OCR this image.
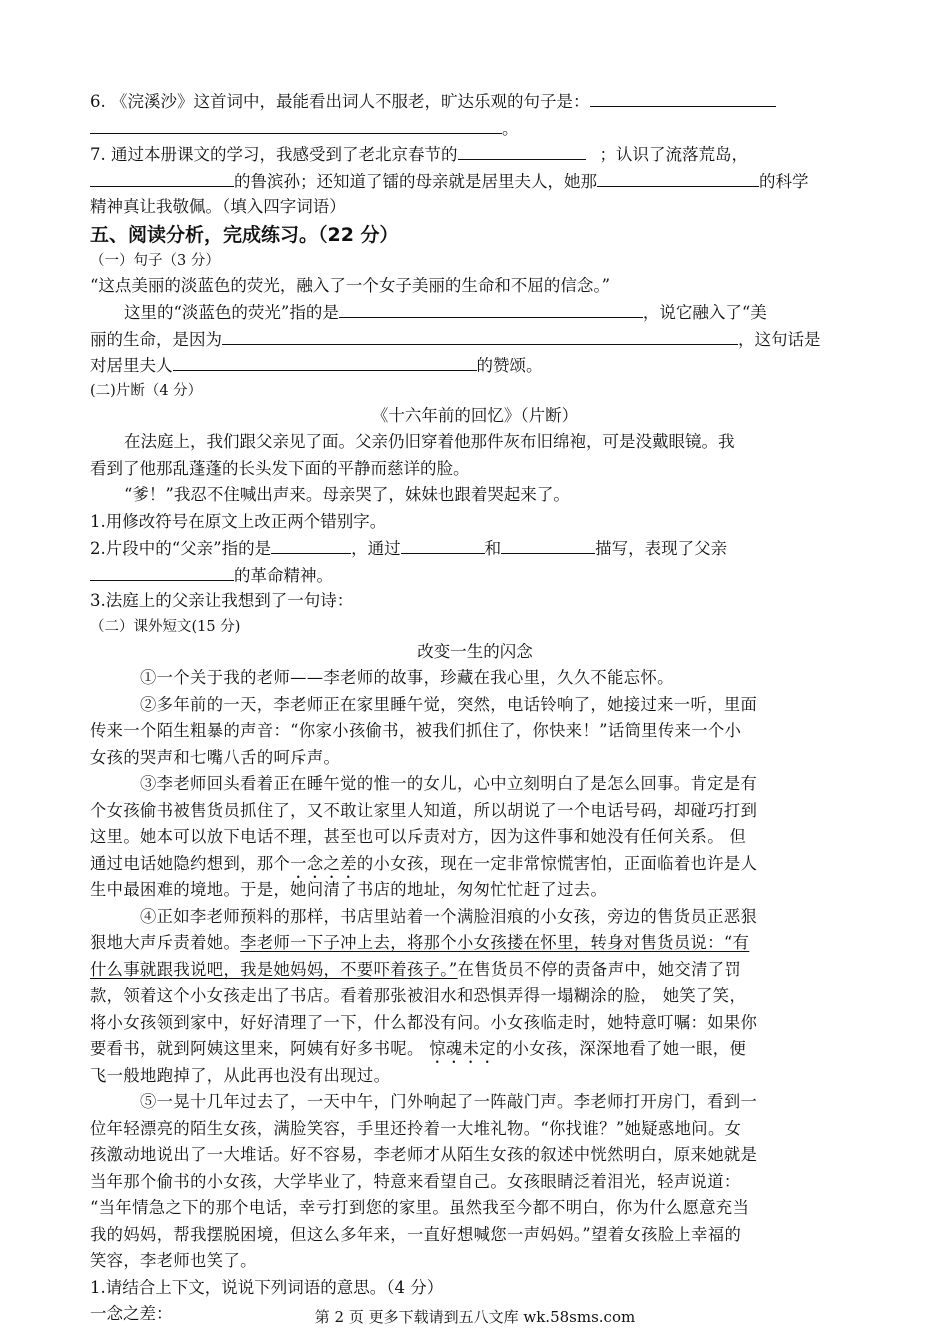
6. 《浣溪沙》这首词中，最能看出词人不服老，旷达乐观的句子是：
。
7. 通过本册课文的学习，我感受到了老北京春节的	；认识了流落荒岛，
的鲁滨孙；还知道了镭的母亲就是居里夫人，她那	的科学
精神真让我敬佩。（填入四字词语）
五、阅读分析，完成练习。（22 分）
（一）句子（3 分）
“这点美丽的淡蓝色的荧光，融入了一个女子美丽的生命和不屈的信念。”
这里的“淡蓝色的荧光”指的是	，说它融入了“美
丽的生命，是因为	，这句话是
对居里夫人	的赞颂。
(二)片断（4 分）
《十六年前的回忆》（片断）
在法庭上，我们跟父亲见了面。父亲仍旧穿着他那件灰布旧绵袍，可是没戴眼镜。我
看到了他那乱蓬蓬的长头发下面的平静而慈详的脸。
“爹！”我忍不住喊出声来。母亲哭了，妹妹也跟着哭起来了。
1.用修改符号在原文上改正两个错别字。
2.片段中的“父亲”指的是	，通过	和	描写，表现了父亲
的革命精神。
3.法庭上的父亲让我想到了一句诗：
（二）课外短文(15 分)
改变一生的闪念
①一个关于我的老师——李老师的故事，珍藏在我心里，久久不能忘怀。
②多年前的一天，李老师正在家里睡午觉，突然，电话铃响了，她接过来一听，里面
传来一个陌生粗暴的声音：“你家小孩偷书，被我们抓住了，你快来！”话筒里传来一个小
女孩的哭声和七嘴八舌的呵斥声。
③李老师回头看着正在睡午觉的惟一的女儿，心中立刻明白了是怎么回事。肯定是有
个女孩偷书被售货员抓住了，又不敢让家里人知道，所以胡说了一个电话号码，却碰巧打到
这里。她本可以放下电话不理，甚至也可以斥责对方，因为这件事和她没有任何关系。 但
通过电话她隐约想到，那个一念之差的小女孩，现在一定非常惊慌害怕，正面临着也许是人
生中最困难的境地。于是，她问清了书店的地址，匆匆忙忙赶了过去。
④正如李老师预料的那样，书店里站着一个满脸泪痕的小女孩，旁边的售货员正恶狠
狠地大声斥责着她。李老师一下子冲上去，将那个小女孩搂在怀里，转身对售货员说：“有
什么事就跟我说吧，我是她妈妈，不要吓着孩子。”在售货员不停的责备声中，她交清了罚
款，领着这个小女孩走出了书店。看着那张被泪水和恐惧弄得一塌糊涂的脸， 她笑了笑，
将小女孩领到家中，好好清理了一下，什么都没有问。小女孩临走时，她特意叮嘱：如果你
要看书，就到阿姨这里来，阿姨有好多书呢。 惊魂未定的小女孩，深深地看了她一眼，便
飞一般地跑掉了，从此再也没有出现过。
⑤一晃十几年过去了，一天中午，门外响起了一阵敲门声。李老师打开房门，看到一
位年轻漂亮的陌生女孩，满脸笑容，手里还拎着一大堆礼物。“你找谁？”她疑惑地问。女
孩激动地说出了一大堆话。好不容易，李老师才从陌生女孩的叙述中恍然明白，原来她就是
当年那个偷书的小女孩，大学毕业了，特意来看望自己。女孩眼睛泛着泪光，轻声说道：
“当年情急之下的那个电话，幸亏打到您的家里。虽然我至今都不明白，你为什么愿意充当
我的妈妈，帮我摆脱困境，但这么多年来，一直好想喊您一声妈妈。”望着女孩脸上幸福的
笑容，李老师也笑了。
1.请结合上下文，说说下列词语的意思。（4 分）
一念之差：	第 2 页 更多下载请到五八文库 wk.58sms.com
